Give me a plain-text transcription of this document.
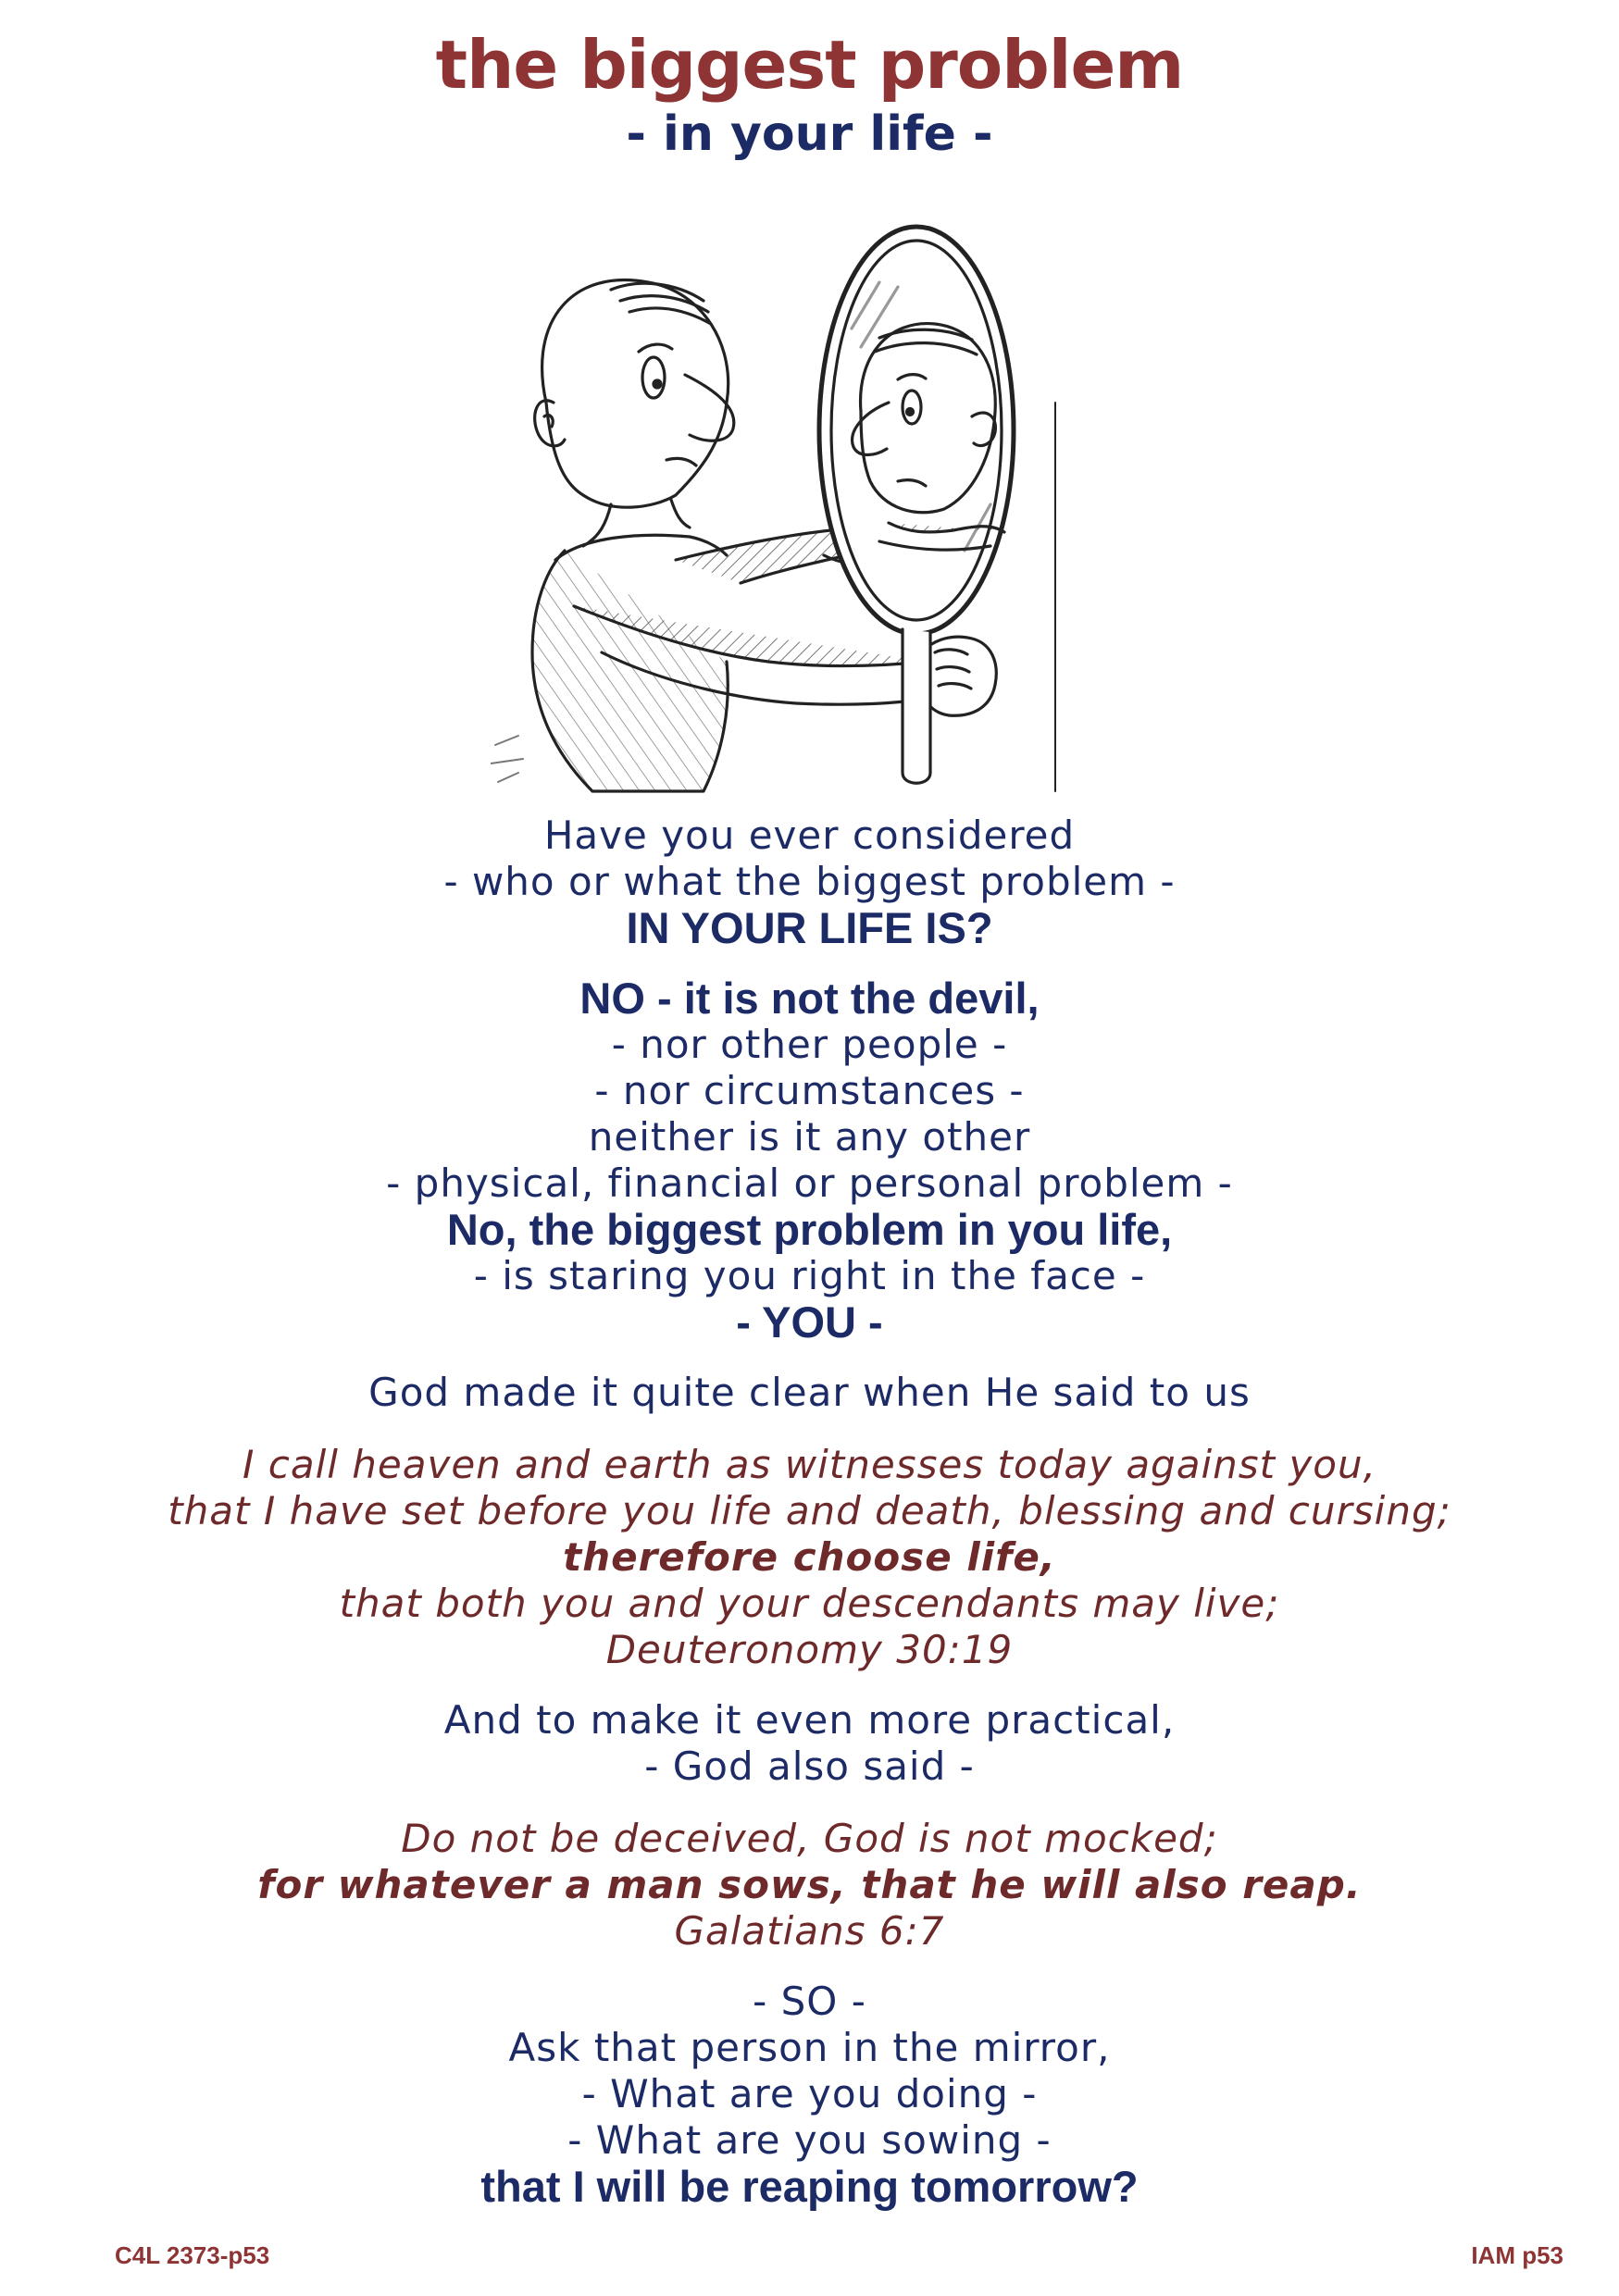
the biggest problem
- in your life -
Have you ever considered
- who or what the biggest problem -
IN YOUR LIFE IS?
NO - it is not the devil,
- nor other people -
- nor circumstances -
neither is it any other
- physical, financial or personal problem -
No, the biggest problem in you life,
- is staring you right in the face -
- YOU -
God made it quite clear when He said to us
I call heaven and earth as witnesses today against you,
that I have set before you life and death, blessing and cursing;
therefore choose life,
that both you and your descendants may live;
Deuteronomy 30:19
And to make it even more practical,
- God also said -
Do not be deceived, God is not mocked;
for whatever a man sows, that he will also reap.
Galatians 6:7
- SO -
Ask that person in the mirror,
- What are you doing -
- What are you sowing -
that I will be reaping tomorrow?
C4L 2373-p53	IAM p53
